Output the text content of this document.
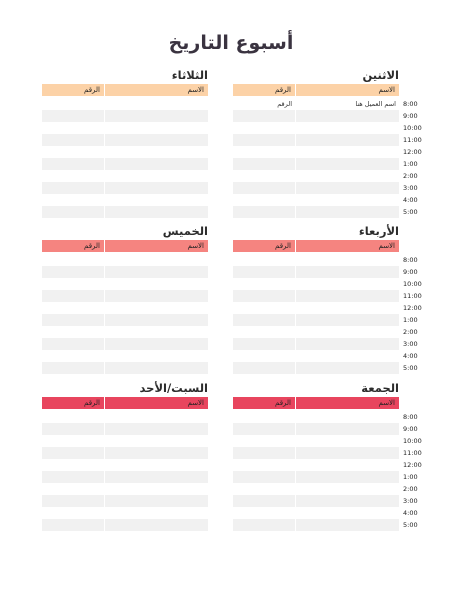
أسبوع التاريخ
الاثنين
الرقم	الاسم
الرقم	اسم العميل هنا	8:00
9:00
10:00
11:00
12:00
1:00
2:00
3:00
4:00
5:00
الثلاثاء
الرقم	الاسم
الأربعاء
الرقم	الاسم
8:00
9:00
10:00
11:00
12:00
1:00
2:00
3:00
4:00
5:00
الخميس
الرقم	الاسم
الجمعة
الرقم	الاسم
8:00
9:00
10:00
11:00
12:00
1:00
2:00
3:00
4:00
5:00
السبت/الأحد
الرقم	الاسم
